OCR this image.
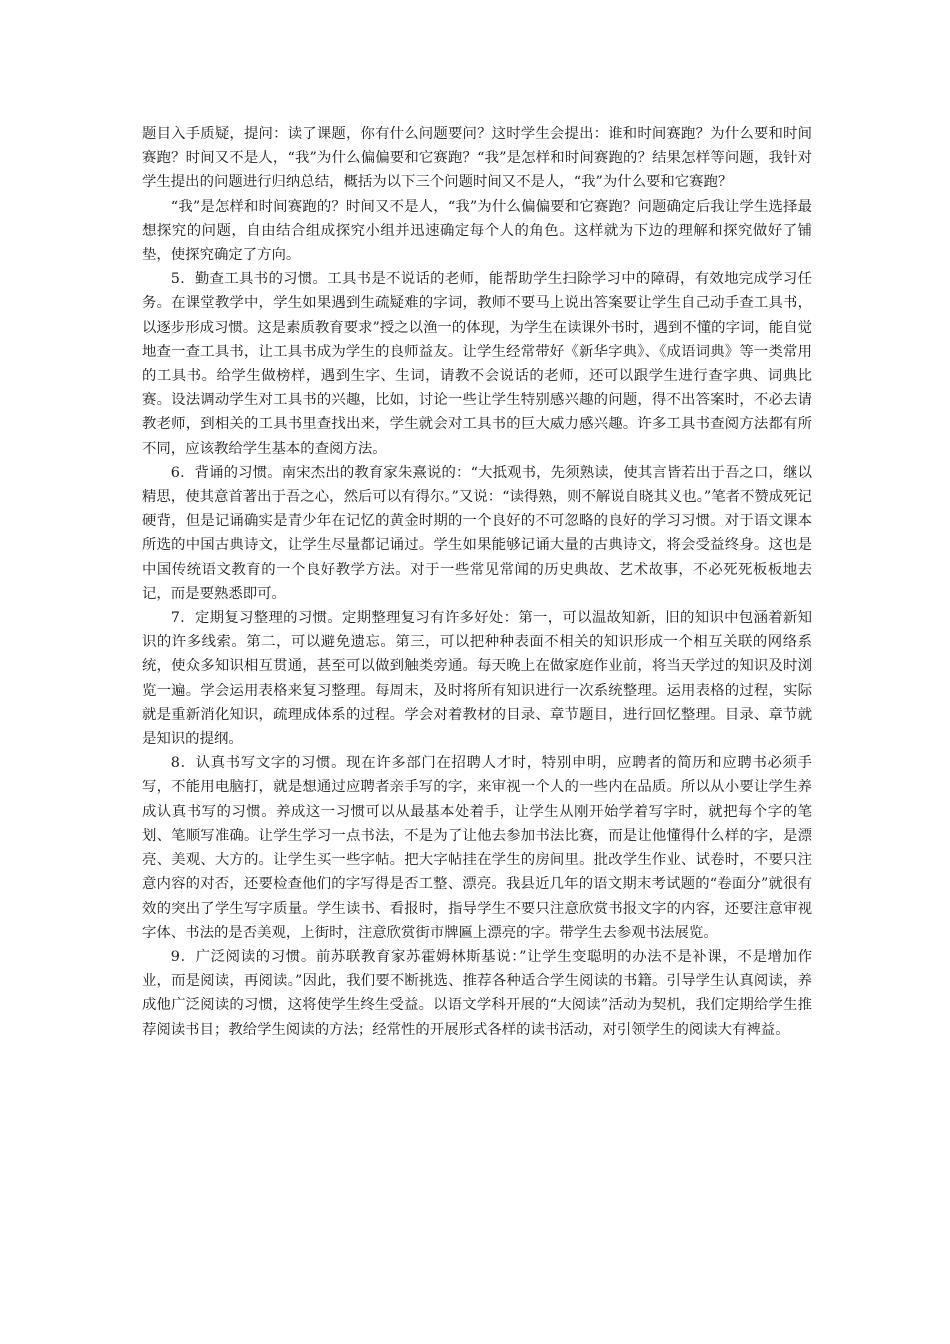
题目入手质疑，提问：读了课题，你有什么问题要问？这时学生会提出：谁和时间赛跑？为什么要和时间赛跑？时间又不是人，“我”为什么偏偏要和它赛跑？“我”是怎样和时间赛跑的？结果怎样等问题，我针对学生提出的问题进行归纳总结，概括为以下三个问题时间又不是人，“我”为什么要和它赛跑？

“我”是怎样和时间赛跑的？时间又不是人，“我”为什么偏偏要和它赛跑？问题确定后我让学生选择最想探究的问题，自由结合组成探究小组并迅速确定每个人的角色。这样就为下边的理解和探究做好了铺垫，使探究确定了方向。

5．勤查工具书的习惯。工具书是不说话的老师，能帮助学生扫除学习中的障碍，有效地完成学习任务。在课堂教学中，学生如果遇到生疏疑难的字词，教师不要马上说出答案要让学生自己动手查工具书，以逐步形成习惯。这是素质教育要求”授之以渔一的体现，为学生在读课外书时，遇到不懂的字词，能自觉地查一查工具书，让工具书成为学生的良师益友。让学生经常带好《新华字典》、《成语词典》等一类常用的工具书。给学生做榜样，遇到生字、生词，请教不会说话的老师，还可以跟学生进行查字典、词典比赛。设法调动学生对工具书的兴趣，比如，讨论一些让学生特别感兴趣的问题，得不出答案时，不必去请教老师，到相关的工具书里查找出来，学生就会对工具书的巨大威力感兴趣。许多工具书查阅方法都有所不同，应该教给学生基本的查阅方法。

6．背诵的习惯。南宋杰出的教育家朱熹说的：“大抵观书，先须熟读，使其言皆若出于吾之口，继以精思，使其意首著出于吾之心，然后可以有得尔。”又说：“读得熟，则不解说自晓其义也。”笔者不赞成死记硬背，但是记诵确实是青少年在记忆的黄金时期的一个良好的不可忽略的良好的学习习惯。对于语文课本所选的中国古典诗文，让学生尽量都记诵过。学生如果能够记诵大量的古典诗文，将会受益终身。这也是中国传统语文教育的一个良好教学方法。对于一些常见常闻的历史典故、艺术故事，不必死死板板地去记，而是要熟悉即可。

7．定期复习整理的习惯。定期整理复习有许多好处：第一，可以温故知新，旧的知识中包涵着新知识的许多线索。第二，可以避免遗忘。第三，可以把种种表面不相关的知识形成一个相互关联的网络系统，使众多知识相互贯通，甚至可以做到触类旁通。每天晚上在做家庭作业前，将当天学过的知识及时浏览一遍。学会运用表格来复习整理。每周末，及时将所有知识进行一次系统整理。运用表格的过程，实际就是重新消化知识，疏理成体系的过程。学会对着教材的目录、章节题目，进行回忆整理。目录、章节就是知识的提纲。

8．认真书写文字的习惯。现在许多部门在招聘人才时，特别申明，应聘者的简历和应聘书必须手写，不能用电脑打，就是想通过应聘者亲手写的字，来审视一个人的一些内在品质。所以从小要让学生养成认真书写的习惯。养成这一习惯可以从最基本处着手，让学生从刚开始学着写字时，就把每个字的笔划、笔顺写准确。让学生学习一点书法，不是为了让他去参加书法比赛，而是让他懂得什么样的字，是漂亮、美观、大方的。让学生买一些字帖。把大字帖挂在学生的房间里。批改学生作业、试卷时，不要只注意内容的对否，还要检查他们的字写得是否工整、漂亮。我县近几年的语文期末考试题的“卷面分”就很有效的突出了学生写字质量。学生读书、看报时，指导学生不要只注意欣赏书报文字的内容，还要注意审视字体、书法的是否美观，上街时，注意欣赏街市牌匾上漂亮的字。带学生去参观书法展览。

9．广泛阅读的习惯。前苏联教育家苏霍姆林斯基说：”让学生变聪明的办法不是补课，不是增加作业，而是阅读，再阅读。”因此，我们要不断挑选、推荐各种适合学生阅读的书籍。引导学生认真阅读，养成他广泛阅读的习惯，这将使学生终生受益。以语文学科开展的“大阅读”活动为契机，我们定期给学生推荐阅读书目；教给学生阅读的方法；经常性的开展形式各样的读书活动，对引领学生的阅读大有裨益。
